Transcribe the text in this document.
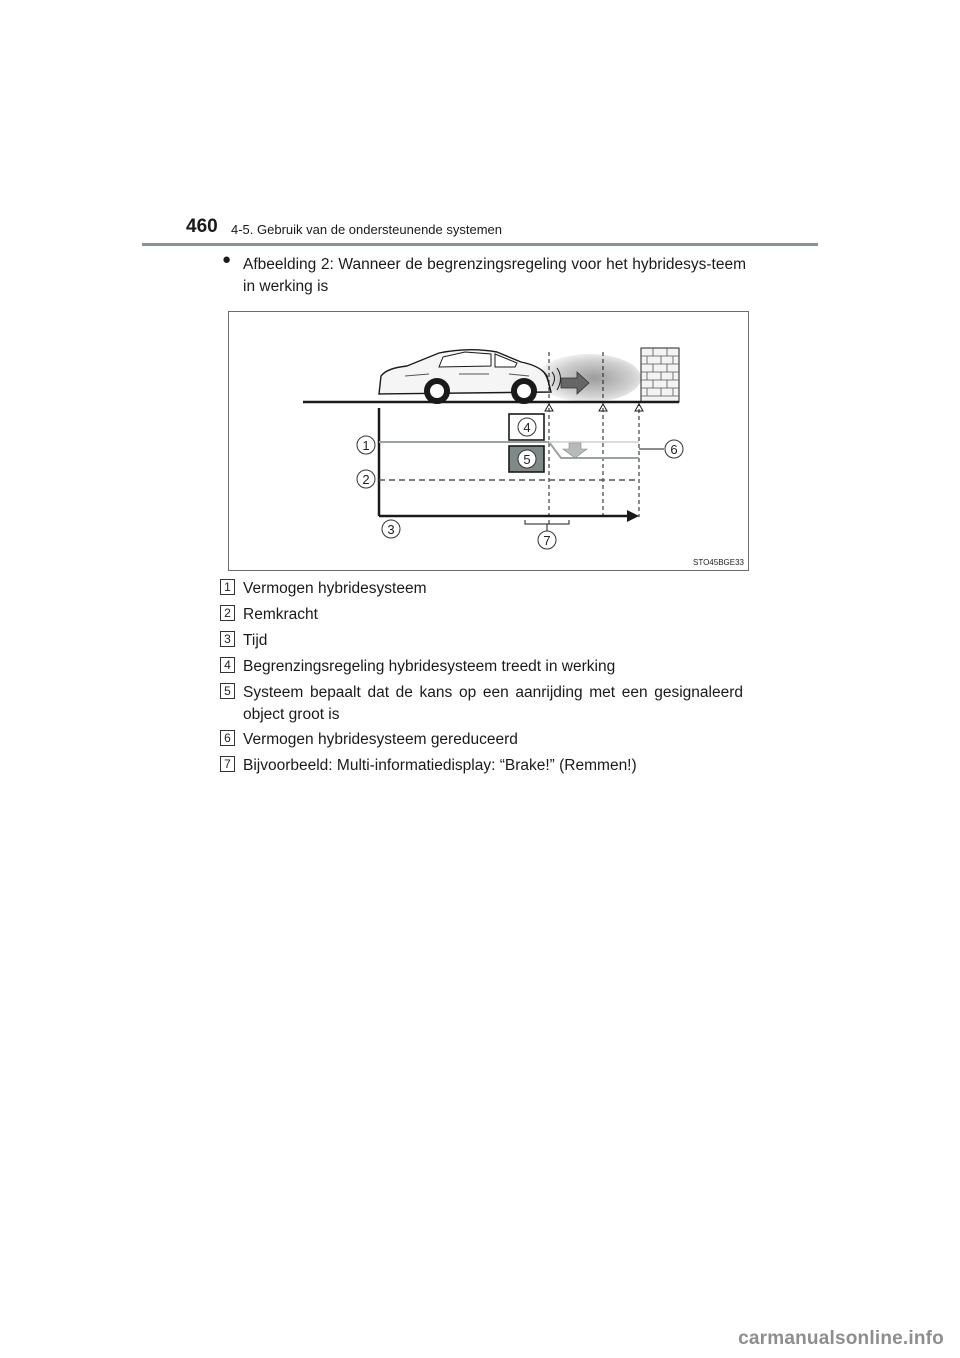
460 4-5. Gebruik van de ondersteunende systemen
● Afbeelding 2: Wanneer de begrenzingsregeling voor het hybridesys-teem in werking is
4
5
1
2
3
6
7
STO45BGE33
1 Vermogen hybridesysteem
2 Remkracht
3 Tijd
4 Begrenzingsregeling hybridesysteem treedt in werking
5 Systeem bepaalt dat de kans op een aanrijding met een gesignaleerd object groot is
6 Vermogen hybridesysteem gereduceerd
7 Bijvoorbeeld: Multi-informatiedisplay: “Brake!” (Remmen!)
carmanualsonline.info
